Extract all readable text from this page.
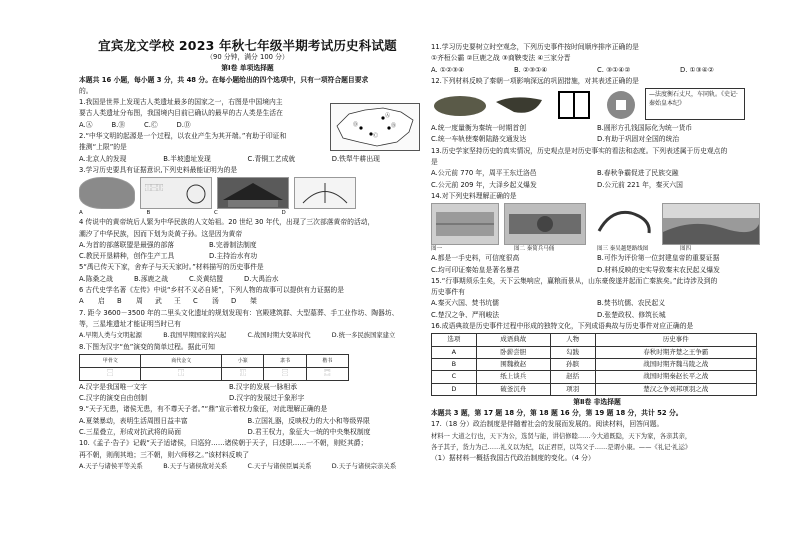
宜宾龙文学校 2023 年秋七年级半期考试历史科试题
（90 分钟，满分 100 分）
第Ⅰ卷 单项选择题
本题共 16 小题，每小题 3 分，共 48 分。在每小题给出的四个选项中，只有一项符合题目要求
的。
1.我国是世界上发现古人类遗址最多的国家之一，右图是中国境内主
要古人类遗址分布图，我国境内目前已确认的最早的古人类是生活在
A.Ⓐ	B.Ⓑ	C.Ⓒ	D.Ⓓ
2.“中华文明的起源是一个过程，以农业产生为其开端。”有助于印证和
推测“上限”的是
A.北京人的发现	B.半坡遗址发现	C.青铜工艺成就	D.铁犁牛耕出现
3.学习历史要具有证据意识,下列史料最能证明为的是
⿰⿱⿲
A	B	C	D
4 传说中的黄帝统后人繁为中华民族的人文始祖。20 世纪 30 年代，出现了三次部落黄帝的活动，
潮汐了中华民族，因而下划为炎黄子孙。这是因为黄帝
A.为首的部落联盟是最强的部落	B.完善制法制度
C.教民开垦耕种，创作生产工具	D.主持治水有功
5“禹已传天下家，舍弃子与天天家时。”材料描写的历史事件是
A.陈桑之战	B.涿鹿之战	C.炎黄结盟	D.大禹治水
6 古代史学名著《左传》中说“乡村不义必自毙”，下列人物的故事可以提供有力证据的是
A	启	B	周	武	王	C	汤	D	桀
7. 距今 3600－3500 年的二里头文化遗址的规划发现有：宫殿建筑群、大型墓葬、手工业作坊、陶器坊、
等，三星堆遗址才能证明当时已有
A.早期人类与文明起源	B.我国早期国家的兴起	C.战国时期大变革时代	D.统一多民族国家建立
8.下图为汉字“鱼”演变的简单过程。据此可知
甲骨文	商代金文	小篆	隶书	楷书
⿱	⿰	⿲	⿳	⿴
A.汉字是我国唯一文字	B.汉字的发展一脉相承
C.汉字的演变自由创制	D.汉字的发展过于象形字
9.“天子无患，诸侯无患，有不尊天子者。”“鼎”宣示着权力象征，对此理解正确的是
A.夏桀暴动，表明生活周围日益丰富	B.立国礼器，反映权力的大小和等级界限
C.三星叠立，形成对抗武将的局面	D.君王权力，象征大一统的中央集权制度
10.《孟子·告子》记载“天子适诸侯，曰巡狩……诸侯朝于天子，曰述职……一不朝，则贬其爵；
再不朝，则削其地；三不朝，则六师移之。”该材料反映了
A.天子与诸侯平等关系	B.天子与诸侯敌对关系	C.天子与诸侯臣属关系	D.天子与诸侯宗亲关系
Ⓐ
Ⓑ
Ⓒ
Ⓓ
11.学习历史要树立时空观念，下列历史事件按时间顺序排序正确的是
①齐桓公霸 ②巨鹿之战 ③商鞅变法 ④三家分晋
A. ①②③④	B. ②③①④	C. ③①④②	D. ①③④②
12.下列材料反映了秦朝一项影响深远的巩固措施，对其表述正确的是
—法度衡石丈尺，车同轨。《史记·秦始皇本纪》
A.统一度量衡为秦统一时期首创	B.圆形方孔钱国际化为统一货币
C.统一车轨使秦朝陆路交通发达	D.有助于巩固对全国的统治
13.历史学家坚持历史的真实情况，历史观点是对历史事实的看法和态度。下列表述属于历史观点的
是
A.公元前 770 年，周平王东迁洛邑	B.春秋争霸促进了民族交融
C.公元前 209 年，大泽乡起义爆发	D.公元前 221 年，秦灭六国
14.对下列史料理解正确的是
图一	图二 秦简兵马俑	图三 秦吴越楚路线图	图四
A.都是一手史料，可信度很高	B.可作为评价第一位封建皇帝的重要证据
C.均可印证秦始皇是著名暴君	D.材料反映的史实导致秦末农民起义爆发
15.“行事期须乐生矣，天下云集响应，赢粮而景从，山东豪俊遂并起而亡秦族矣。”此诗涉及到的
历史事件有
A.秦灭六国、焚书坑儒	B.焚书坑儒、农民起义
C.楚汉之争、严刑峻法	D.张楚政权、修筑长城
16.成语典故是历史事件过程中形成的独特文化，下列成语典故与历史事件对应正确的是
选项	成语典故	人物	历史事件
A	卧薪尝胆	勾践	春秋时期齐楚之王争霸
B	围魏救赵	孙膑	战国时期齐魏马陵之战
C	纸上谈兵	赵括	战国时期秦赵长平之战
D	破釜沉舟	项羽	楚汉之争刘邦项羽之战
第Ⅱ卷 非选择题
本题共 3 题，第 17 题 18 分，第 18 题 16 分，第 19 题 18 分，共计 52 分。
17.（18 分）政治制度是伴随着社会的发展而发展的。阅读材料，回答问题。
材料一 大道之行也，天下为公，选贤与能，讲信修睦……今大道既隐，天下为家，各亲其亲，
各子其子，货力为己……礼义以为纪，以正君臣，以笃父子……是谓小康。——《礼记·礼运》
（1）据材料一概括我国古代政治制度的变化。（4 分）
